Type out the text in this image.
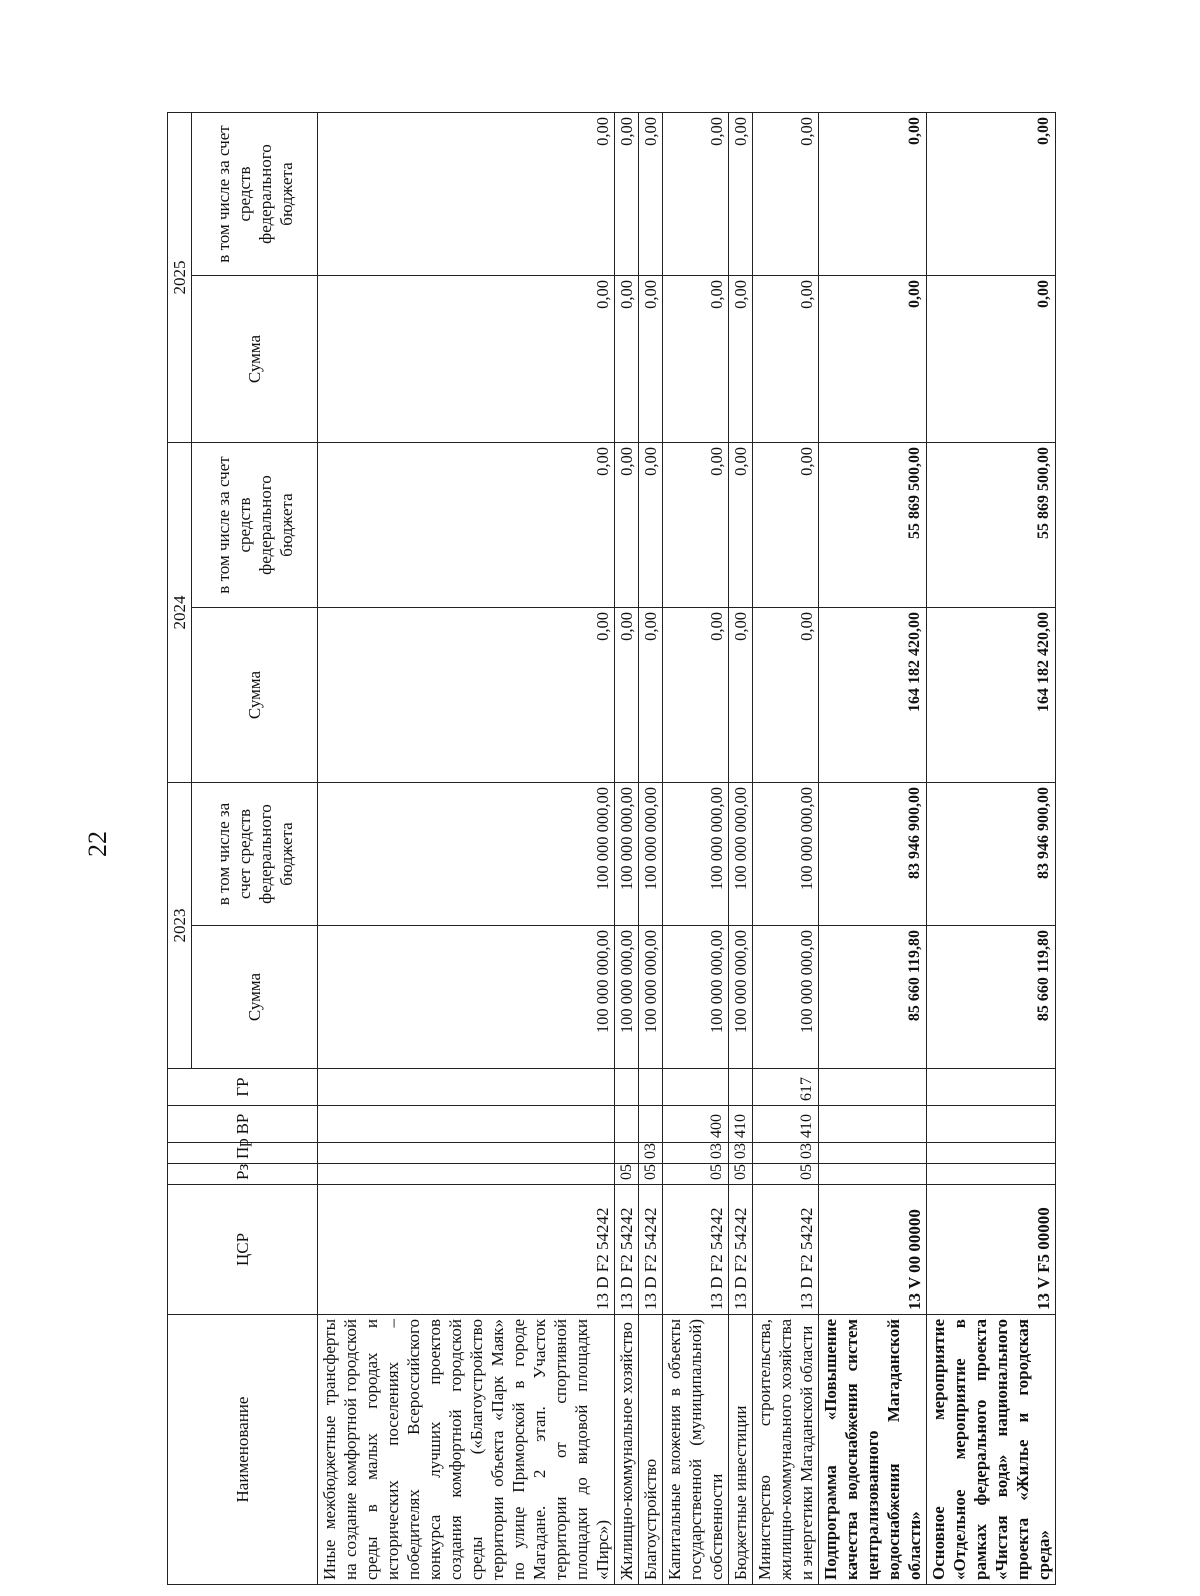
22
Наименование	ЦСР	Рз	Пр	ВР	ГР	2023		2024		2025	
						Сумма	в том числе за счет средств федерального бюджета	Сумма	в том числе за счет средств федерального бюджета	Сумма	в том числе за счет средств федерального бюджета
Иные межбюджетные трансферты на создание комфортной городской среды в малых городах и исторических поселениях – победителях Всероссийского конкурса лучших проектов создания комфортной городской среды («Благоустройство территории объекта «Парк Маяк» по улице Приморской в городе Магадане. 2 этап. Участок территории от спортивной площадки до видовой площадки «Пирс»)	13 D F2 54242					100 000 000,00	100 000 000,00	0,00	0,00	0,00	0,00
Жилищно-коммунальное хозяйство	13 D F2 54242	05				100 000 000,00	100 000 000,00	0,00	0,00	0,00	0,00
Благоустройство	13 D F2 54242	05	03			100 000 000,00	100 000 000,00	0,00	0,00	0,00	0,00
Капитальные вложения в объекты государственной (муниципальной) собственности	13 D F2 54242	05	03	400		100 000 000,00	100 000 000,00	0,00	0,00	0,00	0,00
Бюджетные инвестиции	13 D F2 54242	05	03	410		100 000 000,00	100 000 000,00	0,00	0,00	0,00	0,00
Министерство строительства, жилищно-коммунального хозяйства и энергетики Магаданской области	13 D F2 54242	05	03	410	617	100 000 000,00	100 000 000,00	0,00	0,00	0,00	0,00
Подпрограмма «Повышение качества водоснабжения систем централизованного водоснабжения Магаданской области»	13 V 00 00000					85 660 119,80	83 946 900,00	164 182 420,00	55 869 500,00	0,00	0,00
Основное мероприятие «Отдельное мероприятие в рамках федерального проекта «Чистая вода» национального проекта «Жилье и городская среда»	13 V F5 00000					85 660 119,80	83 946 900,00	164 182 420,00	55 869 500,00	0,00	0,00
